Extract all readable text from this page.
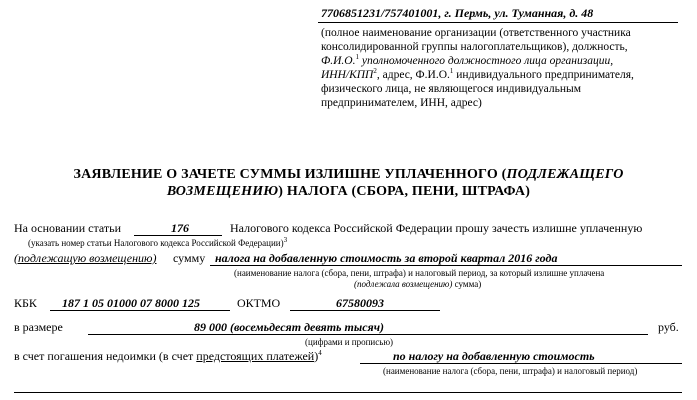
7706851231/757401001, г. Пермь, ул. Туманная, д. 48
(полное наименование организации (ответственного участника
консолидированной группы налогоплательщиков), должность,
Ф.И.О.$^1$ уполномоченного должностного лица организации,
ИНН/КПП$^2$, адрес, Ф.И.О.$^1$ индивидуального предпринимателя,
физического лица, не являющегося индивидуальным
предпринимателем, ИНН, адрес)
ЗАЯВЛЕНИЕ О ЗАЧЕТЕ СУММЫ ИЗЛИШНЕ УПЛАЧЕННОГО (ПОДЛЕЖАЩЕГО
ВОЗМЕЩЕНИЮ) НАЛОГА (СБОРА, ПЕНИ, ШТРАФА)
На основании статьи	176	Налогового кодекса Российской Федерации прошу зачесть излишне уплаченную
(указать номер статьи Налогового кодекса Российской Федерации)$^3$
(подлежащую возмещению) сумму налога на добавленную стоимость за второй квартал 2016 года
(наименование налога (сбора, пени, штрафа) и налоговый период, за который излишне уплачена
(подлежала возмещению) сумма)
КБК 187 1 05 01000 07 8000 125	ОКТМО	67580093
в размере	89 000 (восемьдесят девять тысяч)	руб.
(цифрами и прописью)
в счет погашения недоимки (в счет предстоящих платежей)$^4$	по налогу на добавленную стоимость
(наименование налога (сбора, пени, штрафа) и налоговый период)
